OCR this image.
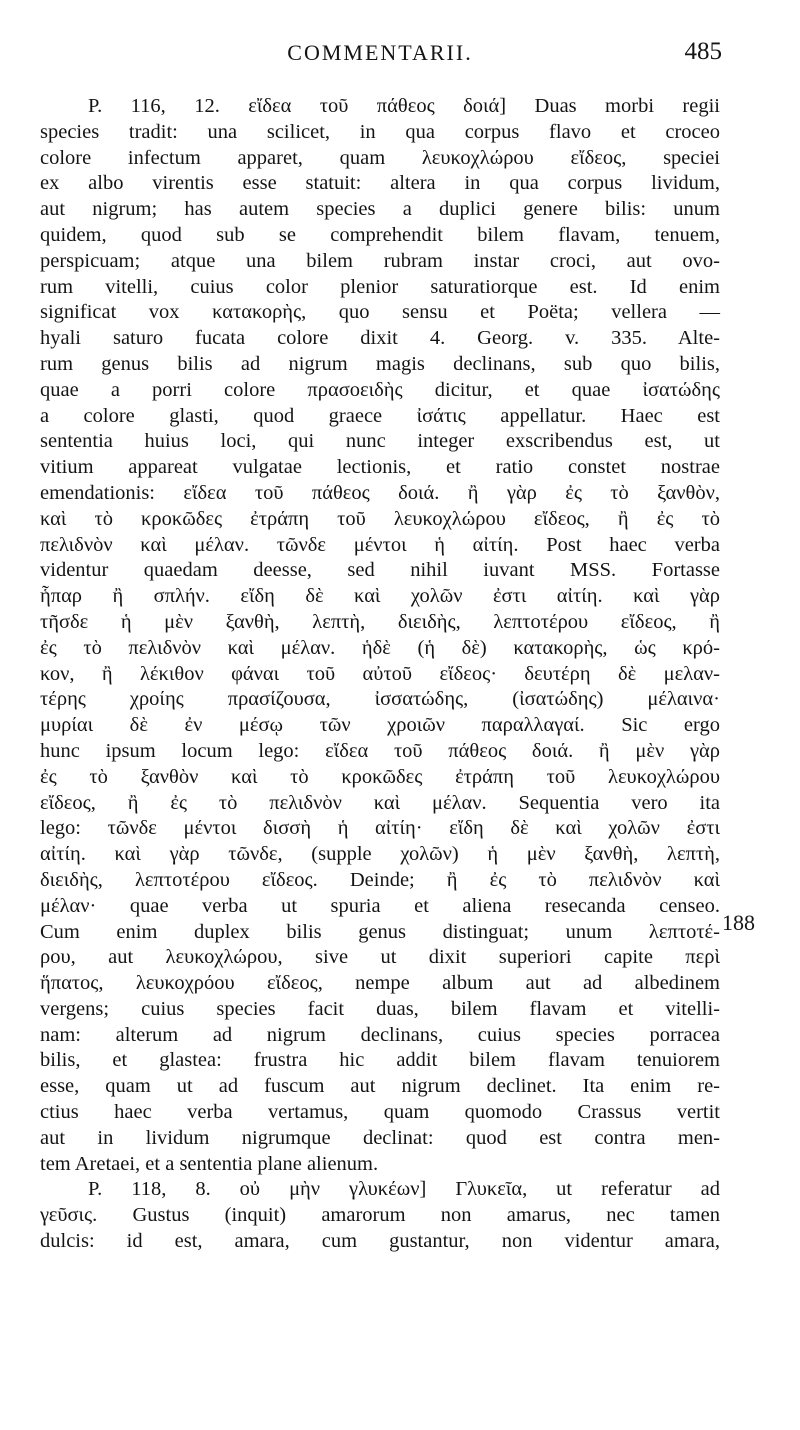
COMMENTARII.	485
P. 116, 12. εἴδεα τοῦ πάθεος δοιά] Duas morbi regii
species tradit: una scilicet, in qua corpus flavo et croceo
colore infectum apparet, quam λευκοχλώρου εἴδεος, speciei
ex albo virentis esse statuit: altera in qua corpus lividum,
aut nigrum; has autem species a duplici genere bilis: unum
quidem, quod sub se comprehendit bilem flavam, tenuem,
perspicuam; atque una bilem rubram instar croci, aut ovo-
rum vitelli, cuius color plenior saturatiorque est. Id enim
significat vox κατακορὴς, quo sensu et Poëta; vellera —
hyali saturo fucata colore dixit 4. Georg. v. 335. Alte-
rum genus bilis ad nigrum magis declinans, sub quo bilis,
quae a porri colore πρασοειδὴς dicitur, et quae ἰσατώδης
a colore glasti, quod graece ἰσάτις appellatur. Haec est
sententia huius loci, qui nunc integer exscribendus est, ut
vitium appareat vulgatae lectionis, et ratio constet nostrae
emendationis: εἴδεα τοῦ πάθεος δοιά. ἢ γὰρ ἐς τὸ ξανθὸν,
καὶ τὸ κροκῶδες ἐτράπη τοῦ λευκοχλώρου εἴδεος, ἢ ἐς τὸ
πελιδνὸν καὶ μέλαν. τῶνδε μέντοι ἡ αἰτίη. Post haec verba
videntur quaedam deesse, sed nihil iuvant MSS. Fortasse
ἧπαρ ἢ σπλήν. εἴδη δὲ καὶ χολῶν ἐστι αἰτίη. καὶ γὰρ
τῆσδε ἡ μὲν ξανθὴ, λεπτὴ, διειδὴς, λεπτοτέρου εἴδεος, ἢ
ἐς τὸ πελιδνὸν καὶ μέλαν. ἡδὲ (ἡ δὲ) κατακορὴς, ὡς κρό-
κον, ἢ λέκιθον φάναι τοῦ αὐτοῦ εἴδεος· δευτέρη δὲ μελαν-
τέρης χροίης πρασίζουσα, ἰσσατώδης, (ἰσατώδης) μέλαινα·
μυρίαι δὲ ἐν μέσῳ τῶν χροιῶν παραλλαγαί. Sic ergo
hunc ipsum locum lego: εἴδεα τοῦ πάθεος δοιά. ἢ μὲν γὰρ
ἐς τὸ ξανθὸν καὶ τὸ κροκῶδες ἐτράπη τοῦ λευκοχλώρου
εἴδεος, ἢ ἐς τὸ πελιδνὸν καὶ μέλαν. Sequentia vero ita
lego: τῶνδε μέντοι δισσὴ ἡ αἰτίη· εἴδη δὲ καὶ χολῶν ἐστι
αἰτίη. καὶ γὰρ τῶνδε, (supple χολῶν) ἡ μὲν ξανθὴ, λεπτὴ,
διειδὴς, λεπτοτέρου εἴδεος. Deinde; ἢ ἐς τὸ πελιδνὸν καὶ
μέλαν· quae verba ut spuria et aliena resecanda censeo.
Cum enim duplex bilis genus distinguat; unum λεπτοτέ-
ρου, aut λευκοχλώρου, sive ut dixit superiori capite περὶ
ἥπατος, λευκοχρόου εἴδεος, nempe album aut ad albedinem
vergens; cuius species facit duas, bilem flavam et vitelli-
nam: alterum ad nigrum declinans, cuius species porracea
bilis, et glastea: frustra hic addit bilem flavam tenuiorem
esse, quam ut ad fuscum aut nigrum declinet. Ita enim re-
ctius haec verba vertamus, quam quomodo Crassus vertit
aut in lividum nigrumque declinat: quod est contra men-
tem Aretaei, et a sententia plane alienum.
P. 118, 8. οὐ μὴν γλυκέων] Γλυκεῖα, ut referatur ad
γεῦσις. Gustus (inquit) amarorum non amarus, nec tamen
dulcis: id est, amara, cum gustantur, non videntur amara,
188
